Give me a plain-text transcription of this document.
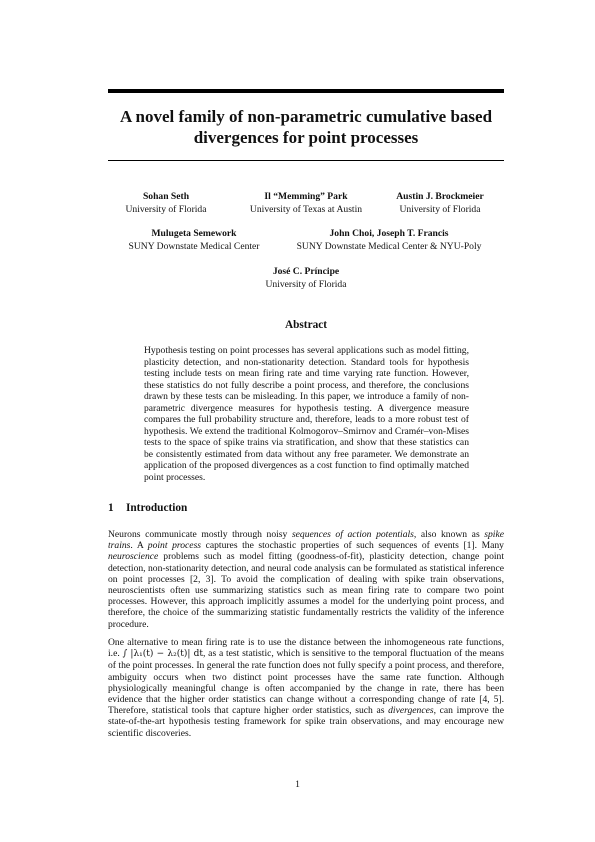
A novel family of non-parametric cumulative based divergences for point processes
Sohan Seth
University of Florida
Il “Memming” Park
University of Texas at Austin
Austin J. Brockmeier
University of Florida
Mulugeta Semework
SUNY Downstate Medical Center
John Choi, Joseph T. Francis
SUNY Downstate Medical Center & NYU-Poly
José C. Príncipe
University of Florida
Abstract
Hypothesis testing on point processes has several applications such as model fitting, plasticity detection, and non-stationarity detection. Standard tools for hypothesis testing include tests on mean firing rate and time varying rate function. However, these statistics do not fully describe a point process, and therefore, the conclusions drawn by these tests can be misleading. In this paper, we introduce a family of non-parametric divergence measures for hypothesis testing. A divergence measure compares the full probability structure and, therefore, leads to a more robust test of hypothesis. We extend the traditional Kolmogorov–Smirnov and Cramér–von-Mises tests to the space of spike trains via stratification, and show that these statistics can be consistently estimated from data without any free parameter. We demonstrate an application of the proposed divergences as a cost function to find optimally matched point processes.
1 Introduction
Neurons communicate mostly through noisy sequences of action potentials, also known as spike trains. A point process captures the stochastic properties of such sequences of events [1]. Many neuroscience problems such as model fitting (goodness-of-fit), plasticity detection, change point detection, non-stationarity detection, and neural code analysis can be formulated as statistical inference on point processes [2, 3]. To avoid the complication of dealing with spike train observations, neuroscientists often use summarizing statistics such as mean firing rate to compare two point processes. However, this approach implicitly assumes a model for the underlying point process, and therefore, the choice of the summarizing statistic fundamentally restricts the validity of the inference procedure.
One alternative to mean firing rate is to use the distance between the inhomogeneous rate functions, i.e. ∫ |λ₁(t) − λ₂(t)| dt, as a test statistic, which is sensitive to the temporal fluctuation of the means of the point processes. In general the rate function does not fully specify a point process, and therefore, ambiguity occurs when two distinct point processes have the same rate function. Although physiologically meaningful change is often accompanied by the change in rate, there has been evidence that the higher order statistics can change without a corresponding change of rate [4, 5]. Therefore, statistical tools that capture higher order statistics, such as divergences, can improve the state-of-the-art hypothesis testing framework for spike train observations, and may encourage new scientific discoveries.
1
